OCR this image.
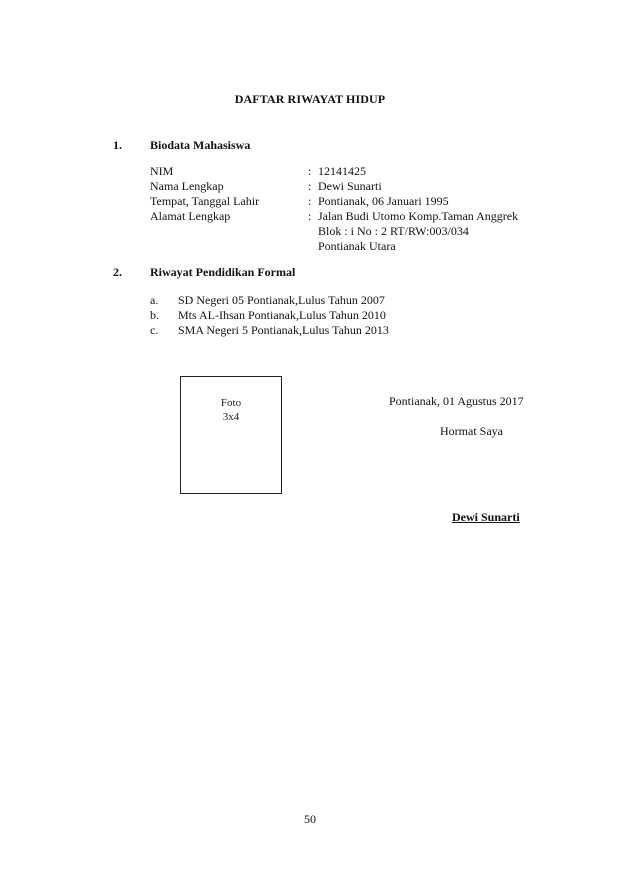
DAFTAR RIWAYAT HIDUP
1. Biodata Mahasiswa
NIM	: 12141425
Nama Lengkap	: Dewi Sunarti
Tempat, Tanggal Lahir	: Pontianak, 06 Januari 1995
Alamat Lengkap	: Jalan Budi Utomo Komp.Taman Anggrek
Blok : i No : 2 RT/RW:003/034
Pontianak Utara
2. Riwayat Pendidikan Formal
a. SD Negeri 05 Pontianak,Lulus Tahun 2007
b. Mts AL-Ihsan Pontianak,Lulus Tahun 2010
c. SMA Negeri 5 Pontianak,Lulus Tahun 2013
Foto
3x4
Pontianak, 01 Agustus 2017
Hormat Saya
Dewi Sunarti
50
